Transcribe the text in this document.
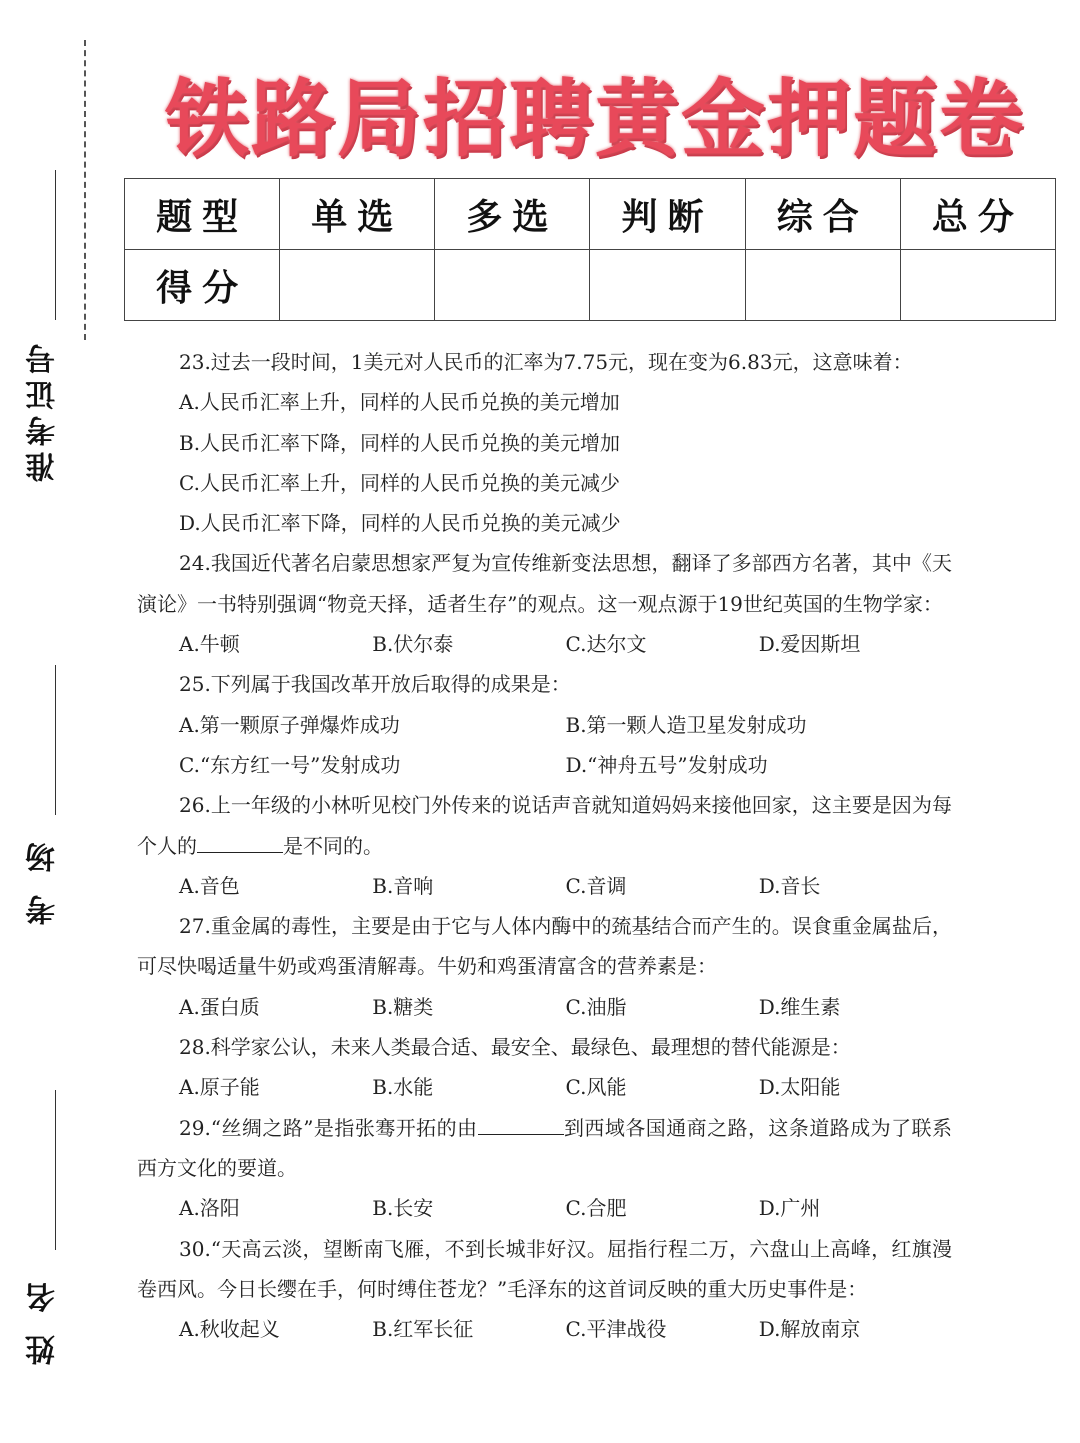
准考证号
考 场
姓 名
铁路局招聘黄金押题卷
题型	单选	多选	判断	综合	总分
得分					

23.过去一段时间，1美元对人民币的汇率为7.75元，现在变为6.83元，这意味着：

A.人民币汇率上升，同样的人民币兑换的美元增加

B.人民币汇率下降，同样的人民币兑换的美元增加

C.人民币汇率上升，同样的人民币兑换的美元减少

D.人民币汇率下降，同样的人民币兑换的美元减少

24.我国近代著名启蒙思想家严复为宣传维新变法思想，翻译了多部西方名著，其中《天演论》一书特别强调“物竞天择，适者生存”的观点。这一观点源于19世纪英国的生物学家：

A.牛顿	B.伏尔泰	C.达尔文	D.爱因斯坦

25.下列属于我国改革开放后取得的成果是：

A.第一颗原子弹爆炸成功	B.第一颗人造卫星发射成功
C.“东方红一号”发射成功	D.“神舟五号”发射成功

26.上一年级的小林听见校门外传来的说话声音就知道妈妈来接他回家，这主要是因为每个人的	是不同的。

A.音色	B.音响	C.音调	D.音长

27.重金属的毒性，主要是由于它与人体内酶中的巯基结合而产生的。误食重金属盐后，可尽快喝适量牛奶或鸡蛋清解毒。牛奶和鸡蛋清富含的营养素是：

A.蛋白质	B.糖类	C.油脂	D.维生素

28.科学家公认，未来人类最合适、最安全、最绿色、最理想的替代能源是：

A.原子能	B.水能	C.风能	D.太阳能

29.“丝绸之路”是指张骞开拓的由	到西域各国通商之路，这条道路成为了联系西方文化的要道。

A.洛阳	B.长安	C.合肥	D.广州

30.“天高云淡，望断南飞雁，不到长城非好汉。屈指行程二万，六盘山上高峰，红旗漫卷西风。今日长缨在手，何时缚住苍龙？”毛泽东的这首词反映的重大历史事件是：

A.秋收起义	B.红军长征	C.平津战役	D.解放南京
